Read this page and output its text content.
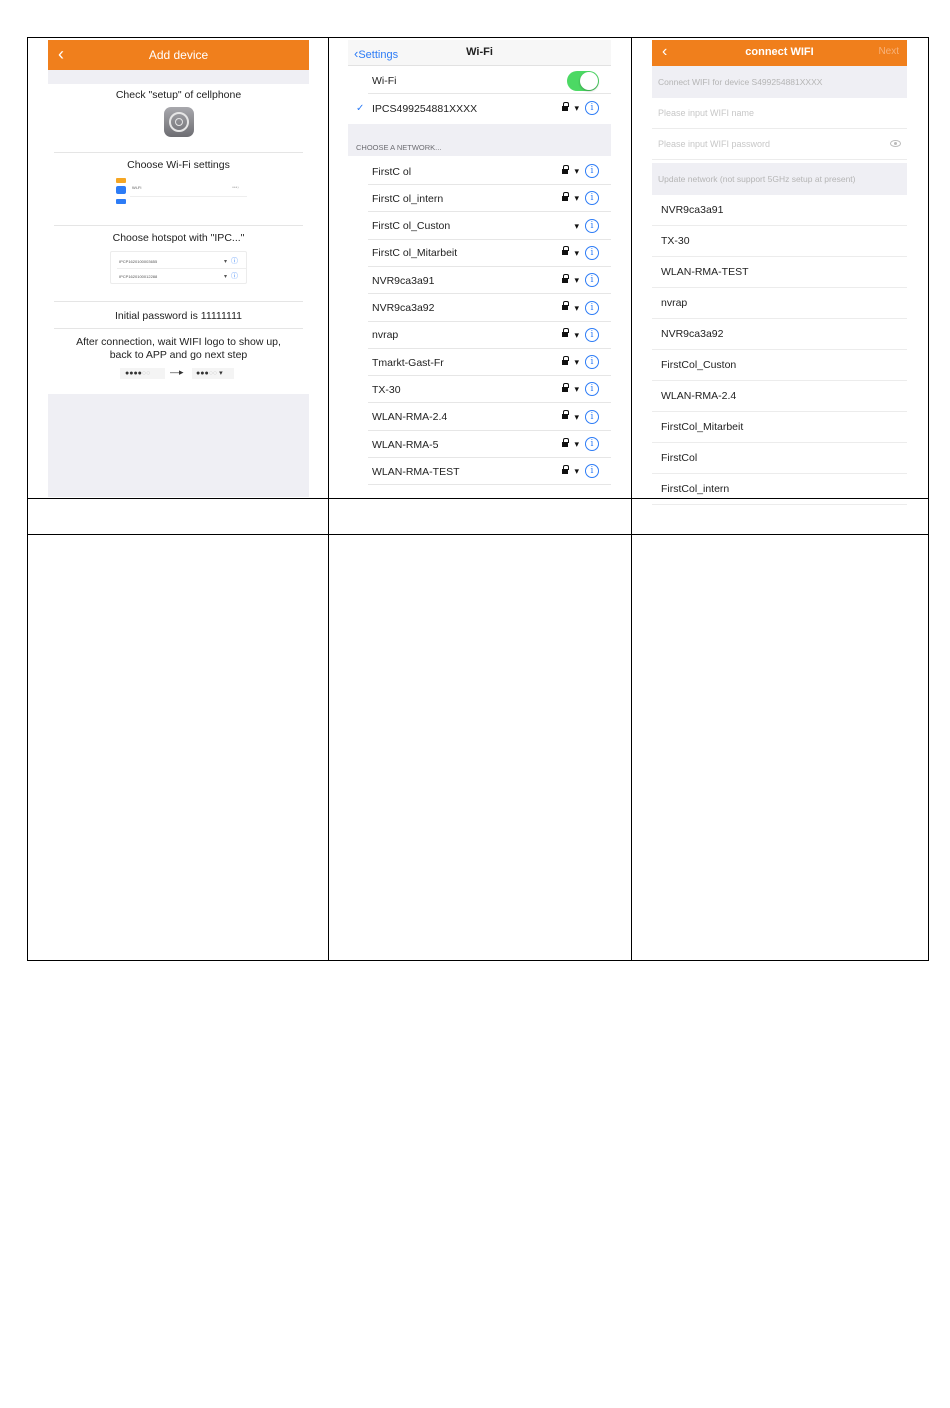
‹	Add device
Check "setup" of cellphone
Choose Wi-Fi settings
Wi-Fi	•••›
Choose hotspot with "IPC..."
IPCP1620100003655	▾ ⓘ
IPCP1620100012288	▾ ⓘ
Initial password is 11111111
After connection, wait WIFI logo to show up, back to APP and go next step
●●●●○○	—▸	●●●○○ ▾
‹Settings	Wi-Fi
Wi-Fi
✓ IPCS499254881XXXX	▾	i
CHOOSE A NETWORK...
FirstC ol	▾	i
FirstC ol_intern	▾	i
FirstC ol_Custon	▾	i
FirstC ol_Mitarbeit	▾	i
NVR9ca3a91	▾	i
NVR9ca3a92	▾	i
nvrap	▾	i
Tmarkt-Gast-Fr	▾	i
TX-30	▾	i
WLAN-RMA-2.4	▾	i
WLAN-RMA-5	▾	i
WLAN-RMA-TEST	▾	i
‹	connect WIFI	Next
Connect WIFI for device S499254881XXXX
Please input WIFI name
Please input WIFI password
Update network (not support 5GHz setup at present)
NVR9ca3a91
TX-30
WLAN-RMA-TEST
nvrap
NVR9ca3a92
FirstCol_Custon
WLAN-RMA-2.4
FirstCol_Mitarbeit
FirstCol
FirstCol_intern
